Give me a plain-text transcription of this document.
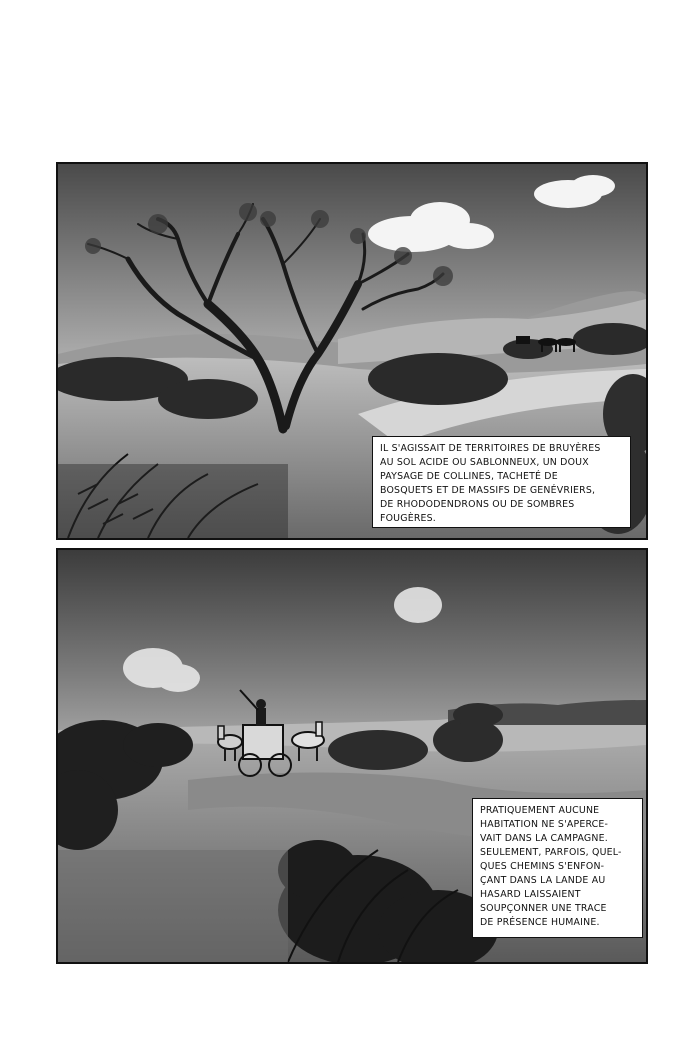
IL S'AGISSAIT DE TERRITOIRES DE BRUYÈRES
AU SOL ACIDE OU SABLONNEUX, UN DOUX
PAYSAGE DE COLLINES, TACHETÉ DE
BOSQUETS ET DE MASSIFS DE GENÉVRIERS,
DE RHODODENDRONS OU DE SOMBRES
FOUGÈRES.
PRATIQUEMENT AUCUNE
HABITATION NE S'APERCE-
VAIT DANS LA CAMPAGNE.
SEULEMENT, PARFOIS, QUEL-
QUES CHEMINS S'ENFON-
ÇANT DANS LA LANDE AU
HASARD LAISSAIENT
SOUPÇONNER UNE TRACE
DE PRÉSENCE HUMAINE.
